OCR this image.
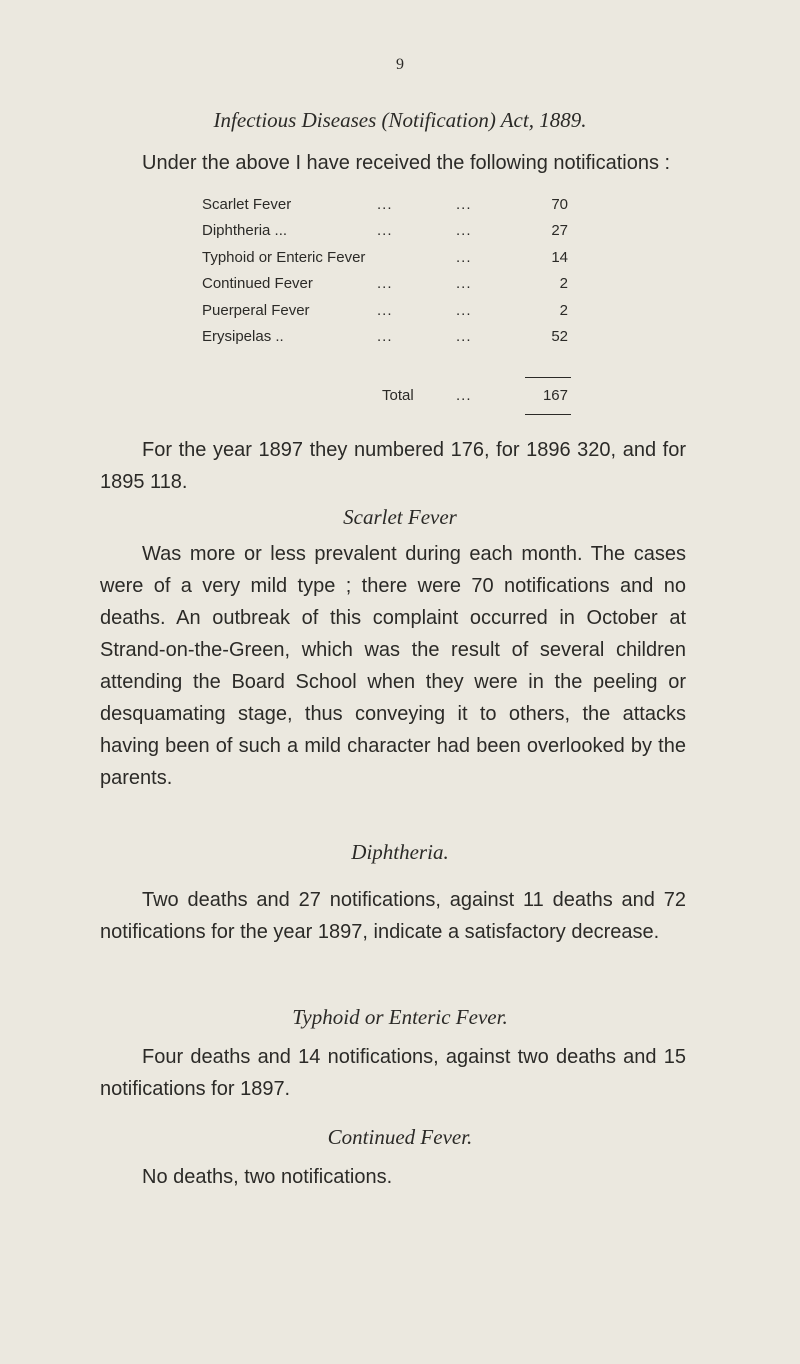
9
Infectious Diseases (Notification) Act, 1889.
Under the above I have received the following notifications :
Scarlet Fever	...	...	70
Diphtheria ...	...	...	27
Typhoid or Enteric Fever	...	14
Continued Fever	...	...	2
Puerperal Fever	...	...	2
Erysipelas ..	...	...	52
Total	...	167
For the year 1897 they numbered 176, for 1896 320, and for 1895 118.
Scarlet Fever
Was more or less prevalent during each month. The cases were of a very mild type ; there were 70 notifications and no deaths. An outbreak of this complaint occurred in October at Strand-on-the-Green, which was the result of several children attending the Board School when they were in the peeling or desquamating stage, thus conveying it to others, the attacks having been of such a mild character had been overlooked by the parents.
Diphtheria.
Two deaths and 27 notifications, against 11 deaths and 72 notifications for the year 1897, indicate a satisfactory decrease.
Typhoid or Enteric Fever.
Four deaths and 14 notifications, against two deaths and 15 notifications for 1897.
Continued Fever.
No deaths, two notifications.
